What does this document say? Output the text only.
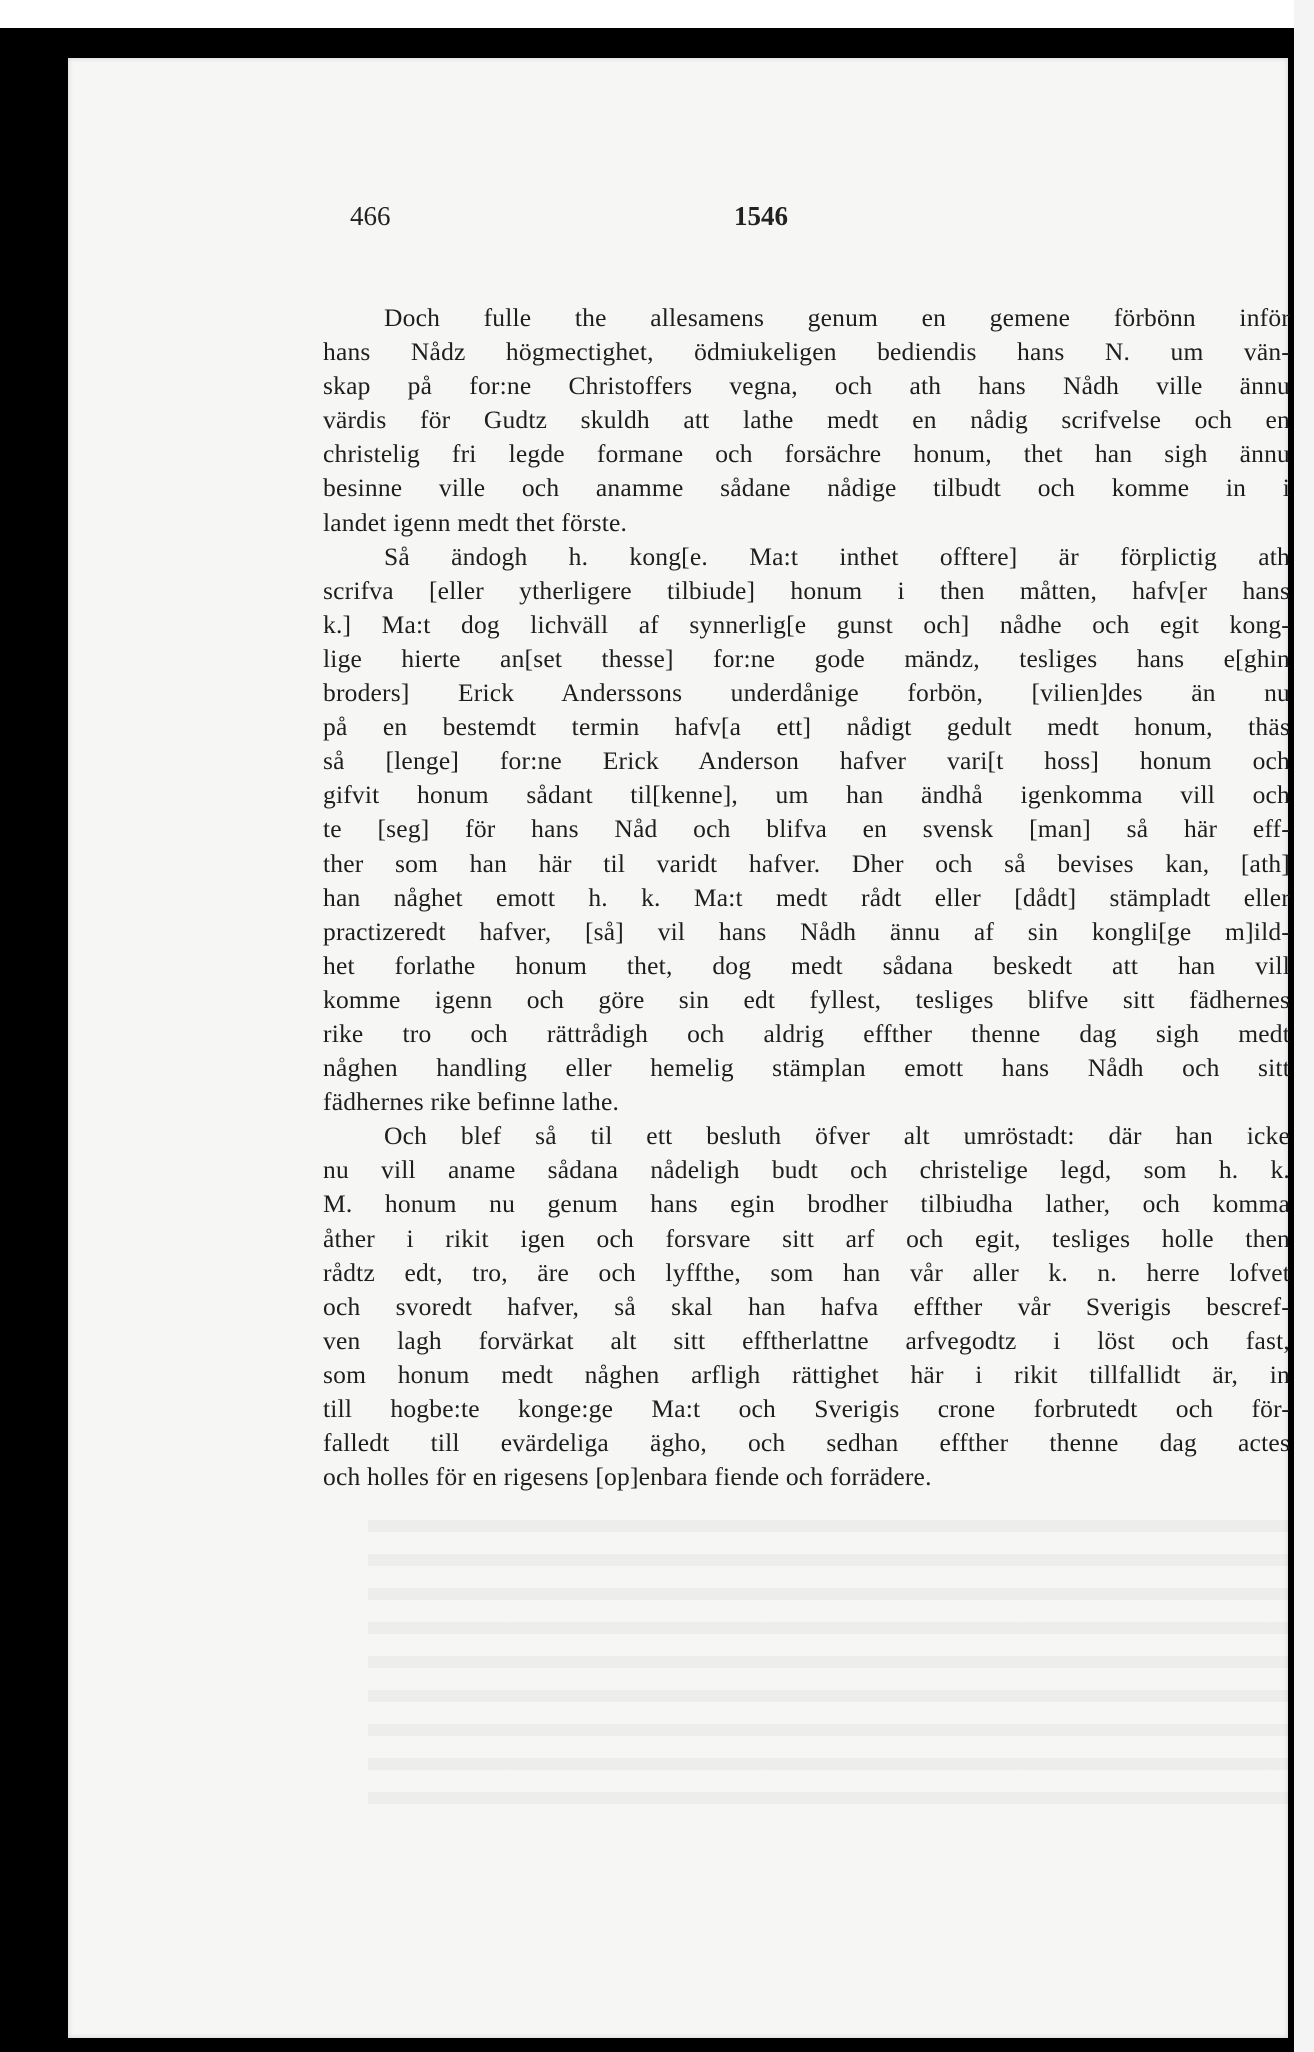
466	1546
Doch fulle the allesamens genum en gemene förbönn inför
hans Nådz högmectighet, ödmiukeligen bediendis hans N. um vän-
skap på for:ne Christoffers vegna, och ath hans Nådh ville ännu
värdis för Gudtz skuldh att lathe medt en nådig scrifvelse och en
christelig fri legde formane och forsächre honum, thet han sigh ännu
besinne ville och anamme sådane nådige tilbudt och komme in i
landet igenn medt thet förste.
Så ändogh h. kong[e. Ma:t inthet offtere] är förplictig ath
scrifva [eller ytherligere tilbiude] honum i then måtten, hafv[er hans
k.] Ma:t dog lichväll af synnerlig[e gunst och] nådhe och egit kong-
lige hierte an[set thesse] for:ne gode mändz, tesliges hans e[ghin
broders] Erick Anderssons underdånige forbön, [vilien]des än nu
på en bestemdt termin hafv[a ett] nådigt gedult medt honum, thäs
så [lenge] for:ne Erick Anderson hafver vari[t hoss] honum och
gifvit honum sådant til[kenne], um han ändhå igenkomma vill och
te [seg] för hans Nåd och blifva en svensk [man] så här eff-
ther som han här til varidt hafver. Dher och så bevises kan, [ath]
han någhet emott h. k. Ma:t medt rådt eller [dådt] stämpladt eller
practizeredt hafver, [så] vil hans Nådh ännu af sin kongli[ge m]ild-
het forlathe honum thet, dog medt sådana beskedt att han vill
komme igenn och göre sin edt fyllest, tesliges blifve sitt fädhernes
rike tro och rättrådigh och aldrig effther thenne dag sigh medt
någhen handling eller hemelig stämplan emott hans Nådh och sitt
fädhernes rike befinne lathe.
Och blef så til ett besluth öfver alt umröstadt: där han icke
nu vill aname sådana nådeligh budt och christelige legd, som h. k.
M. honum nu genum hans egin brodher tilbiudha lather, och komma
åther i rikit igen och forsvare sitt arf och egit, tesliges holle then
rådtz edt, tro, äre och lyffthe, som han vår aller k. n. herre lofvet
och svoredt hafver, så skal han hafva effther vår Sverigis bescref-
ven lagh forvärkat alt sitt efftherlattne arfvegodtz i löst och fast,
som honum medt någhen arfligh rättighet här i rikit tillfallidt är, in
till hogbe:te konge:ge Ma:t och Sverigis crone forbrutedt och för-
falledt till evärdeliga ägho, och sedhan effther thenne dag actes
och holles för en rigesens [op]enbara fiende och forrädere.
